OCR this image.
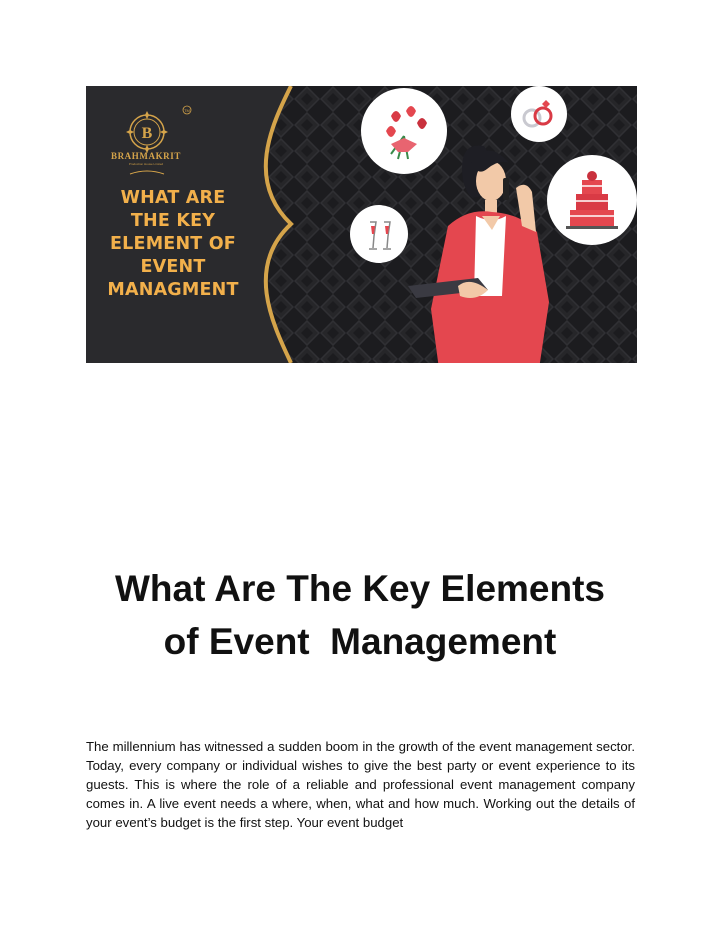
B
TM
BRAHMAKRIT
Production House Limited
WHAT ARE
THE KEY
ELEMENT OF
EVENT
MANAGMENT
What Are The Key Elements
of Event  Management

The millennium has witnessed a sudden boom in the growth of the event management sector. Today, every company or individual wishes to give the best party or event experience to its guests. This is where the role of a reliable and professional event management company comes in. A live event needs a where, when, what and how much. Working out the details of your event’s budget is the first step. Your event budget
